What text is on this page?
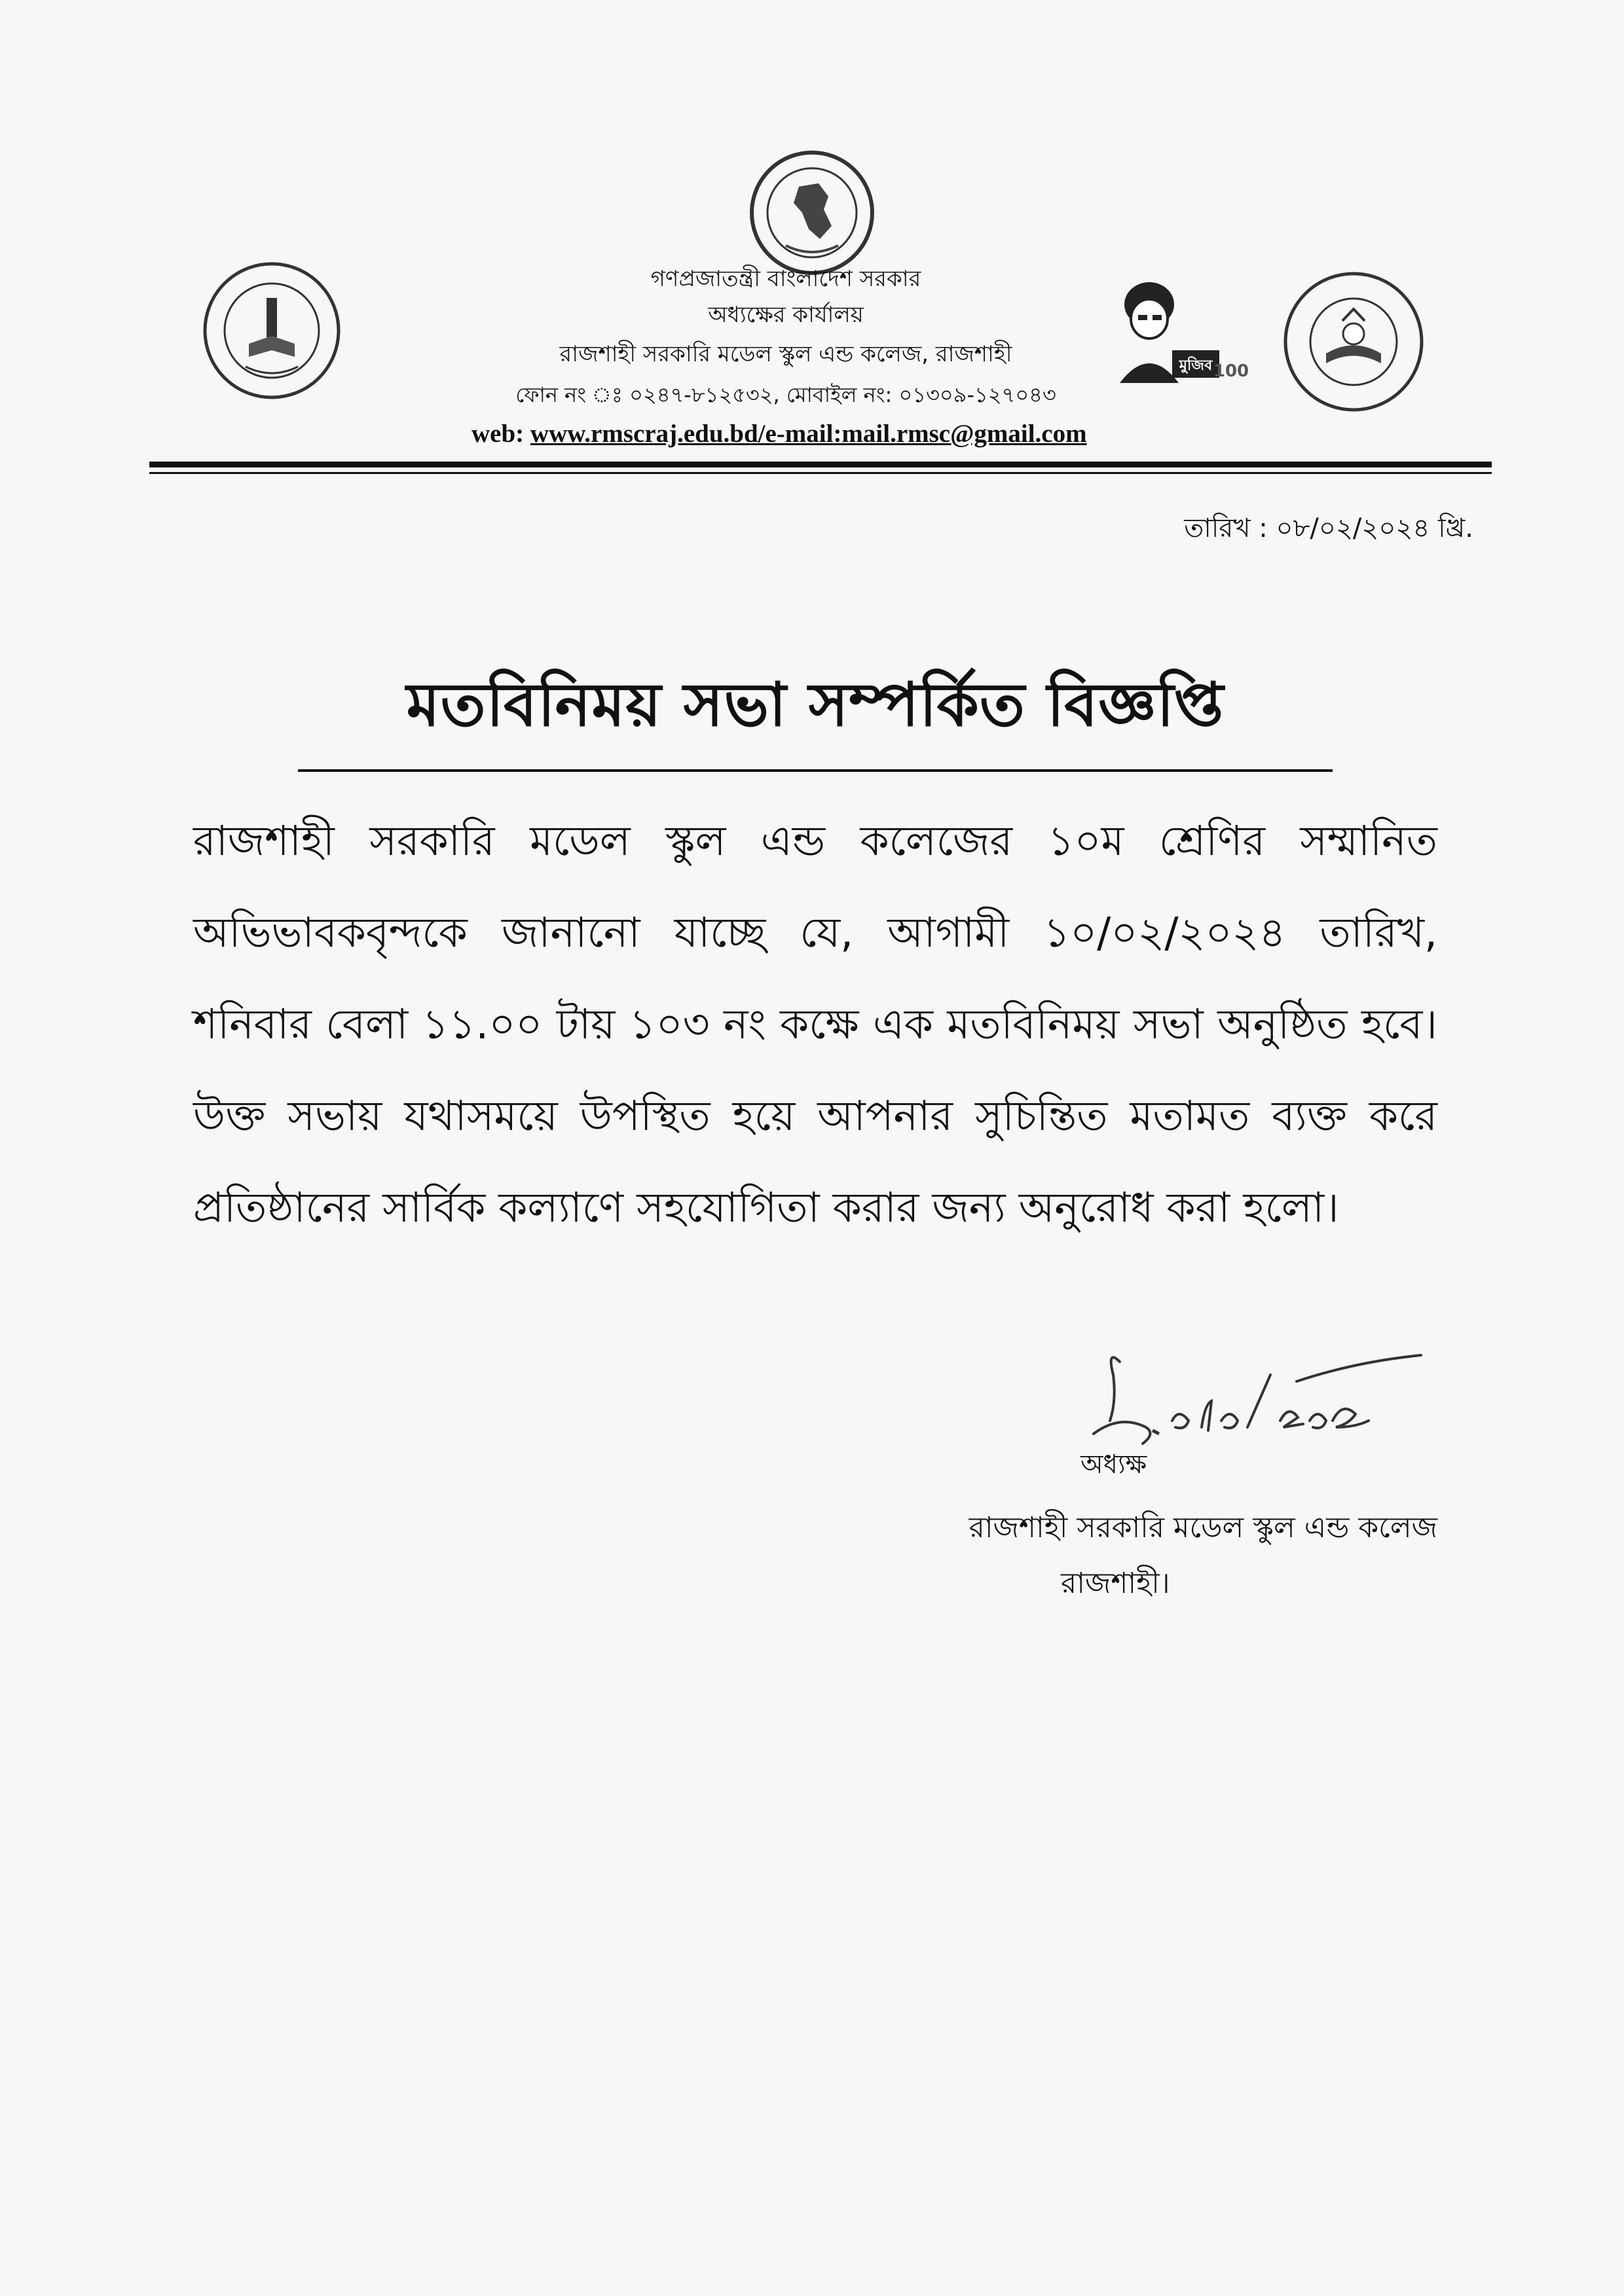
মুজিব 100
গণপ্রজাতন্ত্রী বাংলাদেশ সরকার
অধ্যক্ষের কার্যালয়
রাজশাহী সরকারি মডেল স্কুল এন্ড কলেজ, রাজশাহী
ফোন নং ঃ ০২৪৭-৮১২৫৩২, মোবাইল নং: ০১৩০৯-১২৭০৪৩
web: www.rmscraj.edu.bd/e-mail:mail.rmsc@gmail.com
তারিখ : ০৮/০২/২০২৪ খ্রি.
মতবিনিময় সভা সম্পর্কিত বিজ্ঞপ্তি
রাজশাহী সরকারি মডেল স্কুল এন্ড কলেজের ১০ম শ্রেণির সম্মানিত অভিভাবকবৃন্দকে জানানো যাচ্ছে যে, আগামী ১০/০২/২০২৪ তারিখ, শনিবার বেলা ১১.০০ টায় ১০৩ নং কক্ষে এক মতবিনিময় সভা অনুষ্ঠিত হবে। উক্ত সভায় যথাসময়ে উপস্থিত হয়ে আপনার সুচিন্তিত মতামত ব্যক্ত করে প্রতিষ্ঠানের সার্বিক কল্যাণে সহযোগিতা করার জন্য অনুরোধ করা হলো।
অধ্যক্ষ
রাজশাহী সরকারি মডেল স্কুল এন্ড কলেজ
রাজশাহী।
